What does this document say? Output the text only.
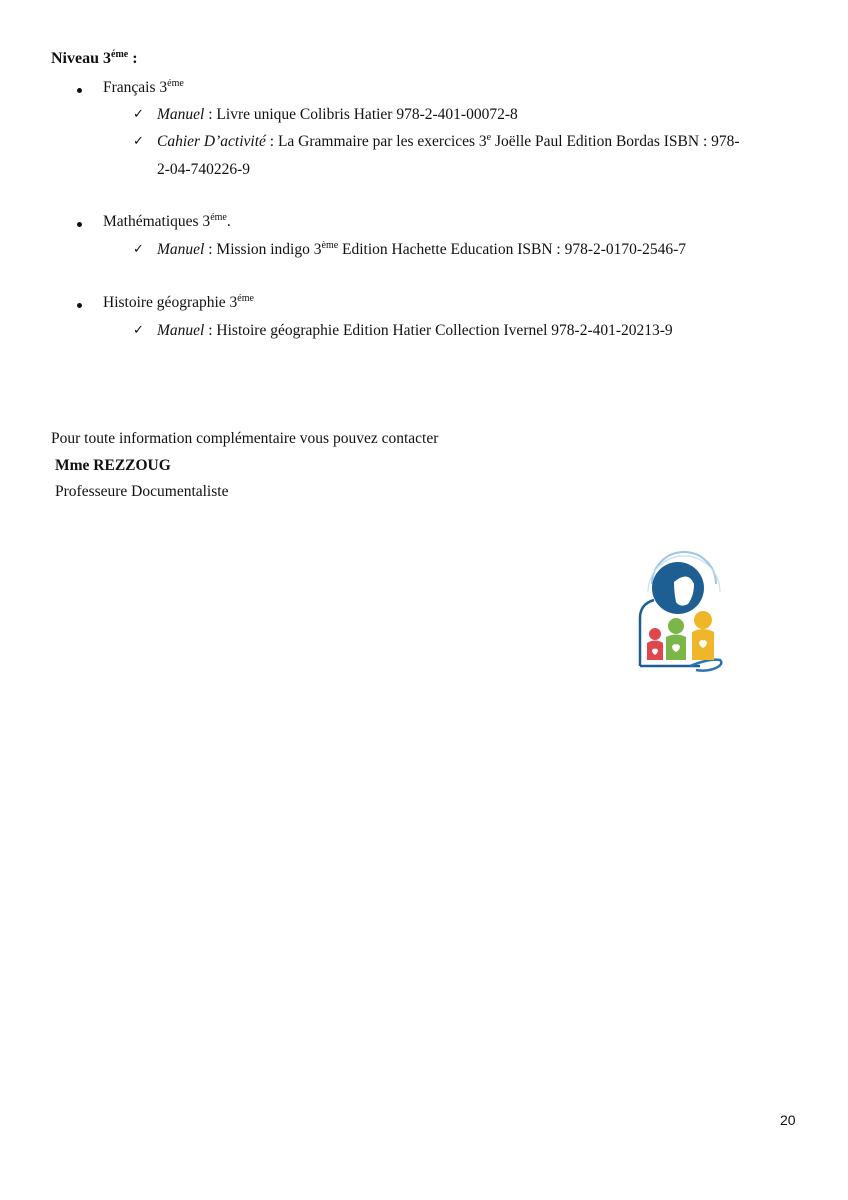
Niveau $3^{éme}$ :
Français $3^{éme}$
✓ Manuel : Livre unique Colibris Hatier 978-2-401-00072-8
✓ Cahier D’activité : La Grammaire par les exercices 3e Joëlle Paul Edition Bordas ISBN : 978-
2-04-740226-9
Mathématiques $3^{éme}$.
✓ Manuel : Mission indigo 3ème Edition Hachette Education ISBN : 978-2-0170-2546-7
Histoire géographie $3^{éme}$
✓ Manuel : Histoire géographie Edition Hatier Collection Ivernel 978-2-401-20213-9
Pour toute information complémentaire vous pouvez contacter
Mme REZZOUG
Professeure Documentaliste
20
